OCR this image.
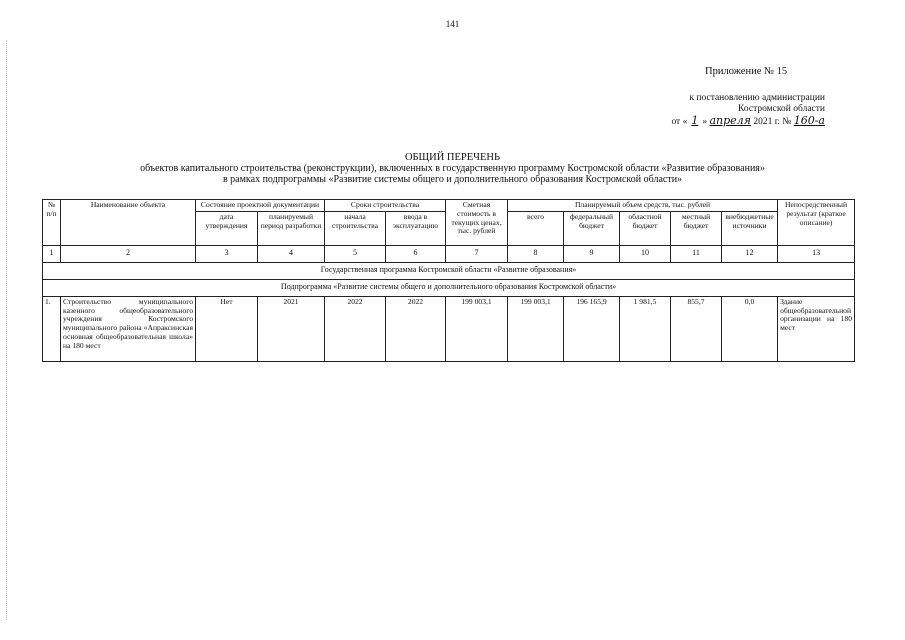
141
Приложение № 15
к постановлению администрации
Костромской области
от « 1 » апреля 2021 г. № 160-а
ОБЩИЙ ПЕРЕЧЕНЬ
объектов капитального строительства (реконструкции), включенных в государственную программу Костромской области «Развитие образования»
в рамках подпрограммы «Развитие системы общего и дополнительного образования Костромской области»
№ п/п	Наименование объекта	Состояние проектной документации		Сроки строительства		Сметная стоимость в текущих ценах, тыс. рублей	Планируемый объем средств, тыс. рублей					Непосредственный результат (краткое описание)
		дата утверждения	планируемый период разработки	начала строительства	ввода в эксплуатацию		всего	федеральный бюджет	областной бюджет	местный бюджет	внебюджетные источники	
1	2	3	4	5	6	7	8	9	10	11	12	13
Государственная программа Костромской области «Развитие образования»												
Подпрограмма «Развитие системы общего и дополнительного образования Костромской области»												
1.	Строительство муниципального казенного общеобразовательного учреждения Костромского муниципального района «Апраксинская основная общеобразовательная школа» на 180 мест	Нет	2021	2022	2022	199 003,1	199 003,1	196 165,9	1 981,5	855,7	0,0	Здание общеобразовательной организации на 180 мест
